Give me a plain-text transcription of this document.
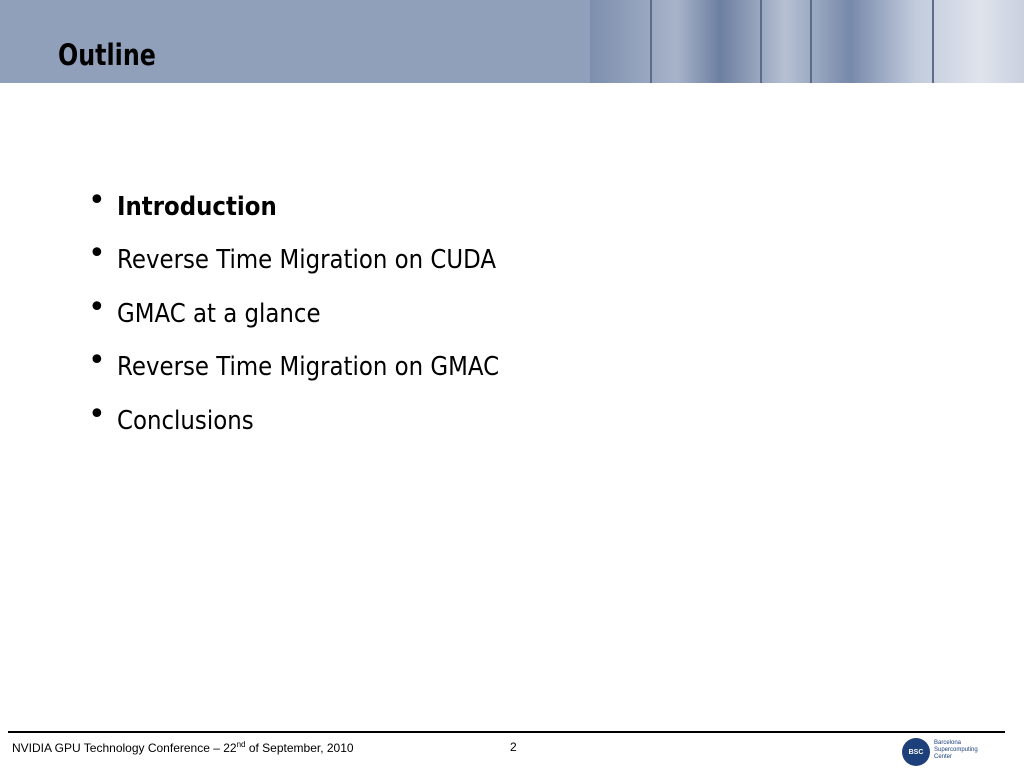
Outline
• Introduction
• Reverse Time Migration on CUDA
• GMAC at a glance
• Reverse Time Migration on GMAC
• Conclusions
NVIDIA GPU Technology Conference – 22nd of September, 2010	2	BSC
Barcelona
Supercomputing
Center
